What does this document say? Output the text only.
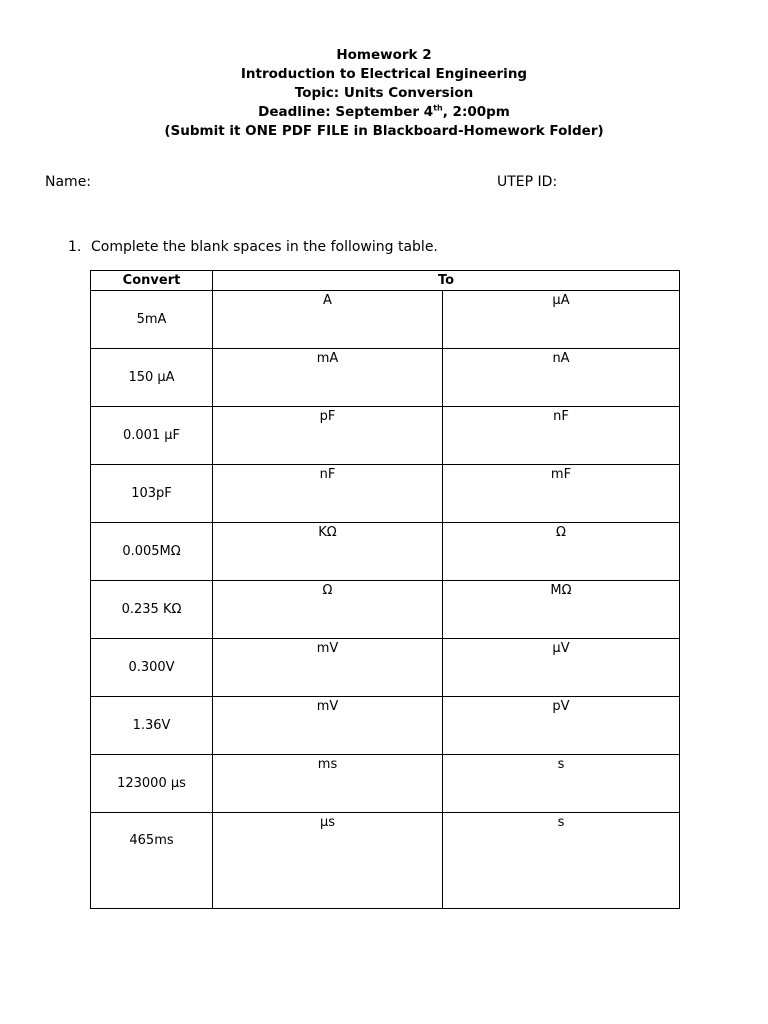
Homework 2
Introduction to Electrical Engineering
Topic: Units Conversion
Deadline: September 4th, 2:00pm
(Submit it ONE PDF FILE in Blackboard-Homework Folder)
Name:	UTEP ID:
1. Complete the blank spaces in the following table.
Convert	To	
5mA	A	μA

150 μA	mA	nA

0.001 μF	pF	nF

103pF	nF	mF

0.005MΩ	KΩ	Ω

0.235 KΩ	Ω	MΩ

0.300V	mV	μV

1.36V	mV	pV

123000 μs	ms	s

465ms	μs	s
